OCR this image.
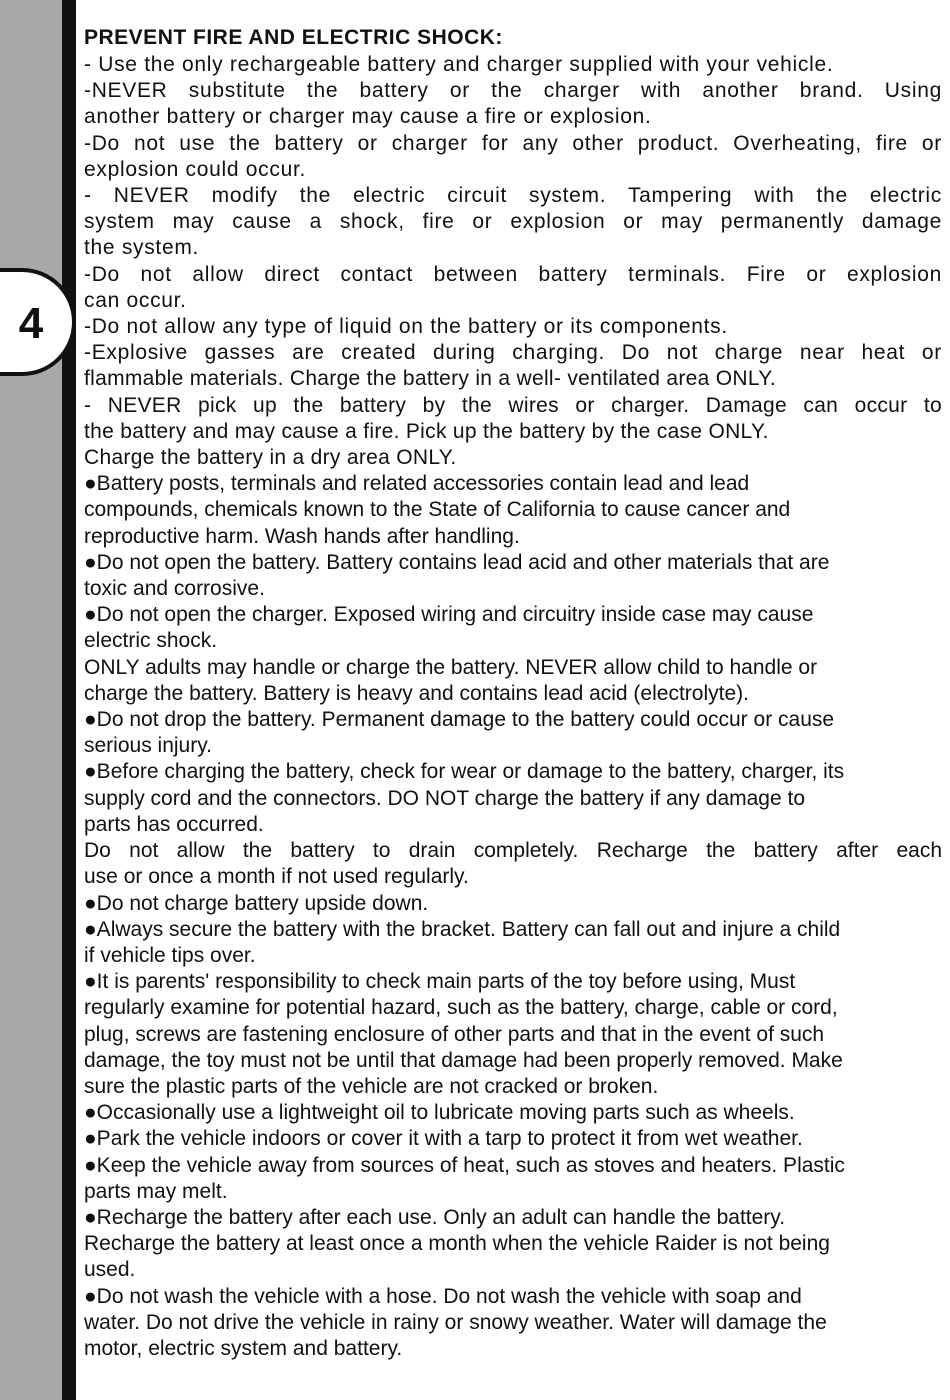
4

PREVENT FIRE AND ELECTRIC SHOCK:

- Use the only rechargeable battery and charger supplied with your vehicle.

-NEVER substitute the battery or the charger with another brand. Using

another battery or charger may cause a fire or explosion.

-Do not use the battery or charger for any other product. Overheating, fire or

explosion could occur.

- NEVER modify the electric circuit system. Tampering with the electric

system may cause a shock, fire or explosion or may permanently damage

the system.

-Do not allow direct contact between battery terminals. Fire or explosion

can occur.

-Do not allow any type of liquid on the battery or its components.

-Explosive gasses are created during charging. Do not charge near heat or

flammable materials. Charge the battery in a well- ventilated area ONLY.

- NEVER pick up the battery by the wires or charger. Damage can occur to

the battery and may cause a fire. Pick up the battery by the case ONLY.

Charge the battery in a dry area ONLY.

●Battery posts, terminals and related accessories contain lead and lead

compounds, chemicals known to the State of California to cause cancer and

reproductive harm. Wash hands after handling.

●Do not open the battery. Battery contains lead acid and other materials that are

toxic and corrosive.

●Do not open the charger. Exposed wiring and circuitry inside case may cause

electric shock.

ONLY adults may handle or charge the battery. NEVER allow child to handle or

charge the battery. Battery is heavy and contains lead acid (electrolyte).

●Do not drop the battery. Permanent damage to the battery could occur or cause

serious injury.

●Before charging the battery, check for wear or damage to the battery, charger, its

supply cord and the connectors. DO NOT charge the battery if any damage to

parts has occurred.

Do not allow the battery to drain completely. Recharge the battery after each

use or once a month if not used regularly.

●Do not charge battery upside down.

●Always secure the battery with the bracket. Battery can fall out and injure a child

if vehicle tips over.

●It is parents' responsibility to check main parts of the toy before using, Must

regularly examine for potential hazard, such as the battery, charge, cable or cord,

plug, screws are fastening enclosure of other parts and that in the event of such

damage, the toy must not be until that damage had been properly removed. Make

sure the plastic parts of the vehicle are not cracked or broken.

●Occasionally use a lightweight oil to lubricate moving parts such as wheels.

●Park the vehicle indoors or cover it with a tarp to protect it from wet weather.

●Keep the vehicle away from sources of heat, such as stoves and heaters. Plastic

parts may melt.

●Recharge the battery after each use. Only an adult can handle the battery.

Recharge the battery at least once a month when the vehicle Raider is not being

used.

●Do not wash the vehicle with a hose. Do not wash the vehicle with soap and

water. Do not drive the vehicle in rainy or snowy weather. Water will damage the

motor, electric system and battery.
